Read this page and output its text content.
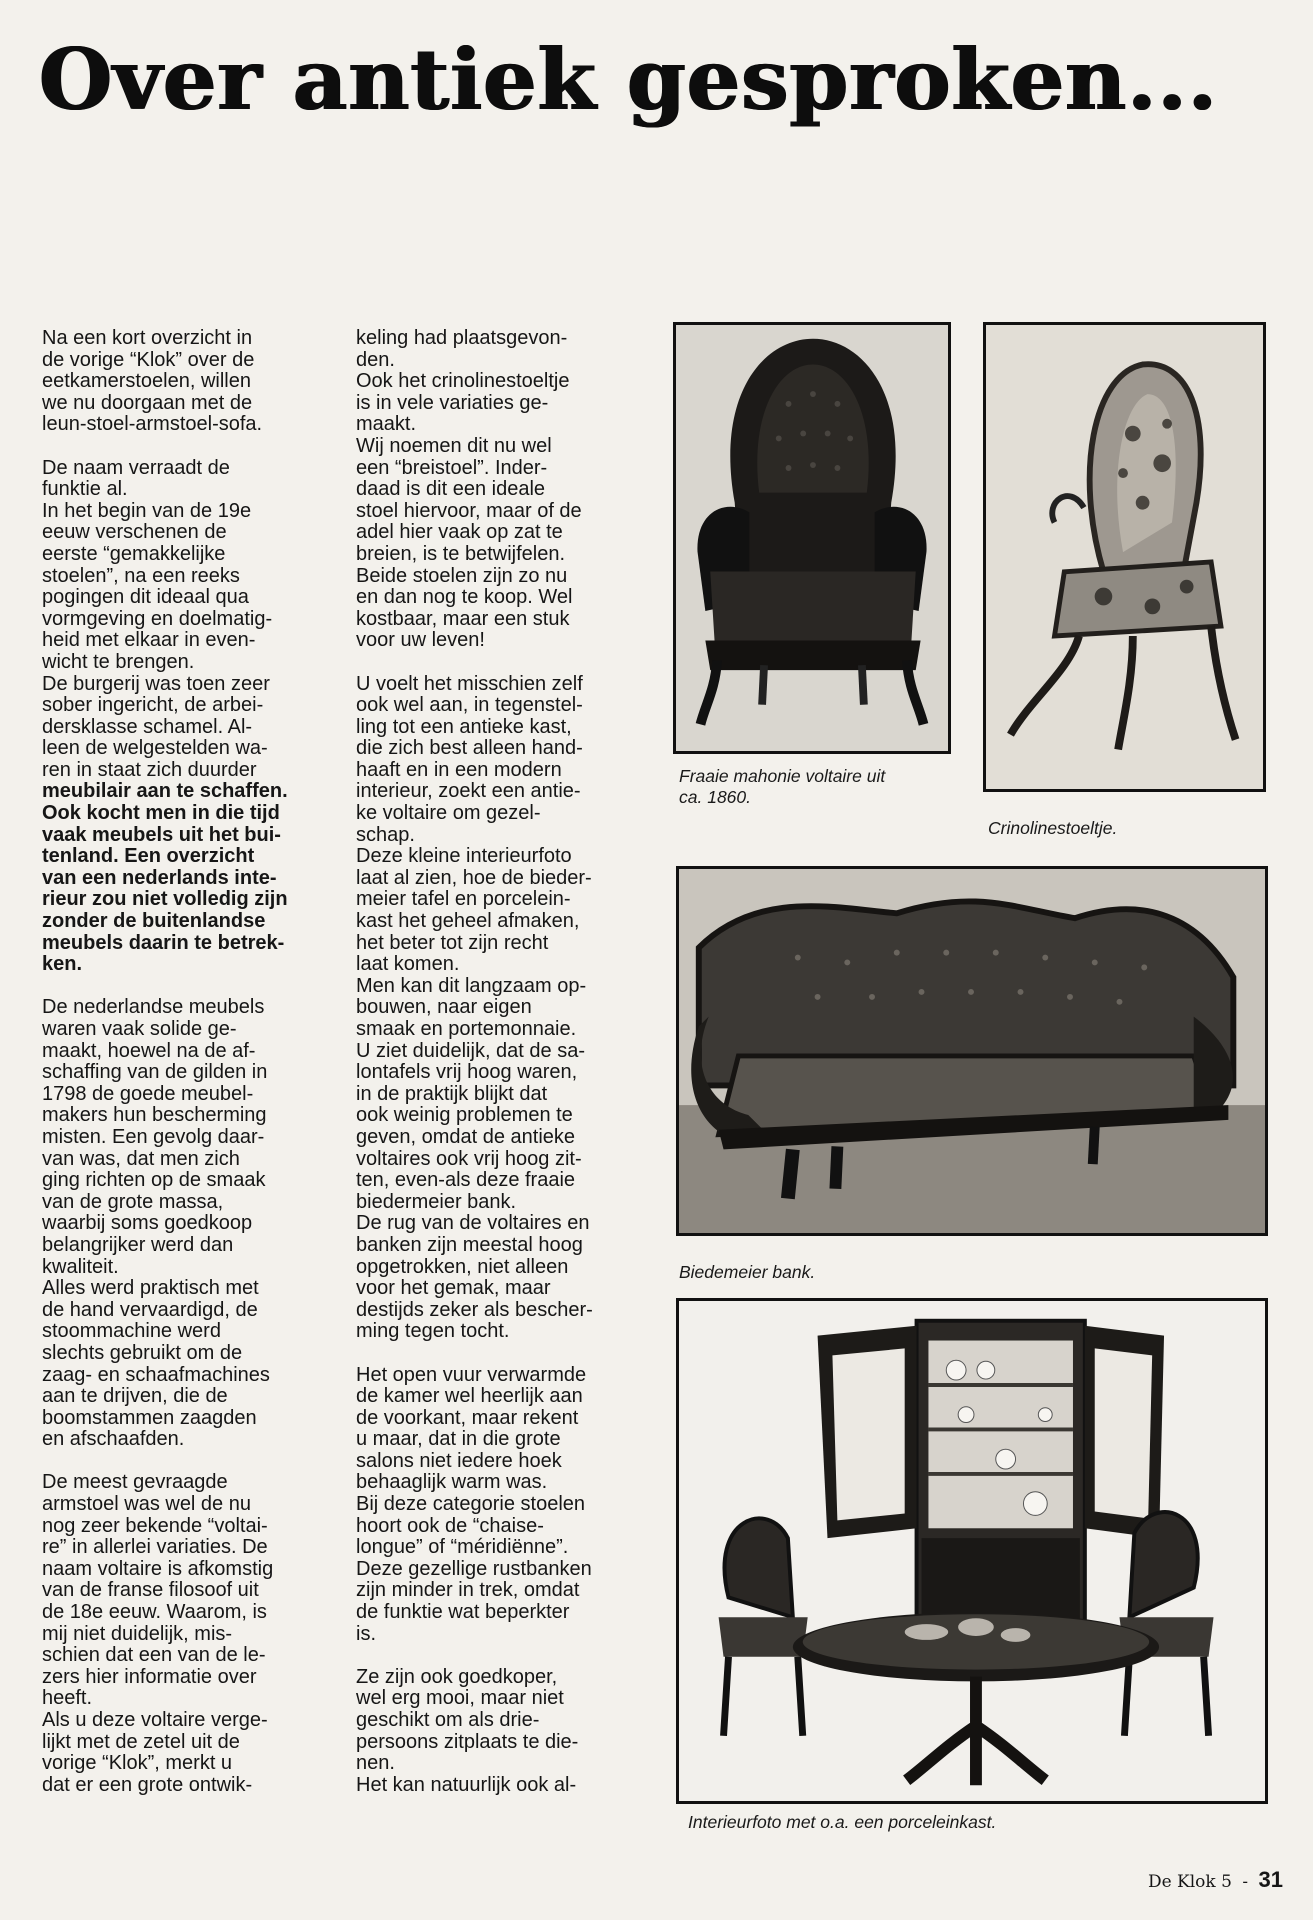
Over antiek gesproken...

Na een kort overzicht in
de vorige “Klok” over de
eetkamerstoelen, willen
we nu doorgaan met de
leun-stoel-armstoel-sofa.

De naam verraadt de
funktie al.
In het begin van de 19e
eeuw verschenen de
eerste “gemakkelijke
stoelen”, na een reeks
pogingen dit ideaal qua
vormgeving en doelmatig-
heid met elkaar in even-
wicht te brengen.
De burgerij was toen zeer
sober ingericht, de arbei-
dersklasse schamel. Al-
leen de welgestelden wa-
ren in staat zich duurder

meubilair aan te schaffen.
Ook kocht men in die tijd
vaak meubels uit het bui-
tenland. Een overzicht
van een nederlands inte-
rieur zou niet volledig zijn
zonder de buitenlandse
meubels daarin te betrek-
ken.

De nederlandse meubels
waren vaak solide ge-
maakt, hoewel na de af-
schaffing van de gilden in
1798 de goede meubel-
makers hun bescherming
misten. Een gevolg daar-
van was, dat men zich
ging richten op de smaak
van de grote massa,
waarbij soms goedkoop
belangrijker werd dan
kwaliteit.
Alles werd praktisch met
de hand vervaardigd, de
stoommachine werd
slechts gebruikt om de
zaag- en schaafmachines
aan te drijven, die de
boomstammen zaagden
en afschaafden.

De meest gevraagde
armstoel was wel de nu
nog zeer bekende “voltai-
re” in allerlei variaties. De
naam voltaire is afkomstig
van de franse filosoof uit
de 18e eeuw. Waarom, is
mij niet duidelijk, mis-
schien dat een van de le-
zers hier informatie over
heeft.
Als u deze voltaire verge-
lijkt met de zetel uit de
vorige “Klok”, merkt u
dat er een grote ontwik-

keling had plaatsgevon-
den.
Ook het crinolinestoeltje
is in vele variaties ge-
maakt.
Wij noemen dit nu wel
een “breistoel”. Inder-
daad is dit een ideale
stoel hiervoor, maar of de
adel hier vaak op zat te
breien, is te betwijfelen.
Beide stoelen zijn zo nu
en dan nog te koop. Wel
kostbaar, maar een stuk
voor uw leven!

U voelt het misschien zelf
ook wel aan, in tegenstel-
ling tot een antieke kast,
die zich best alleen hand-
haaft en in een modern
interieur, zoekt een antie-
ke voltaire om gezel-
schap.
Deze kleine interieurfoto
laat al zien, hoe de bieder-
meier tafel en porcelein-
kast het geheel afmaken,
het beter tot zijn recht
laat komen.
Men kan dit langzaam op-
bouwen, naar eigen
smaak en portemonnaie.
U ziet duidelijk, dat de sa-
lontafels vrij hoog waren,
in de praktijk blijkt dat
ook weinig problemen te
geven, omdat de antieke
voltaires ook vrij hoog zit-
ten, even-als deze fraaie
biedermeier bank.
De rug van de voltaires en
banken zijn meestal hoog
opgetrokken, niet alleen
voor het gemak, maar
destijds zeker als bescher-
ming tegen tocht.

Het open vuur verwarmde
de kamer wel heerlijk aan
de voorkant, maar rekent
u maar, dat in die grote
salons niet iedere hoek
behaaglijk warm was.
Bij deze categorie stoelen
hoort ook de “chaise-
longue” of “méridiënne”.
Deze gezellige rustbanken
zijn minder in trek, omdat
de funktie wat beperkter
is.

Ze zijn ook goedkoper,
wel erg mooi, maar niet
geschikt om als drie-
persoons zitplaats te die-
nen.
Het kan natuurlijk ook al-

Fraaie mahonie voltaire uit
ca. 1860.
Crinolinestoeltje.
Biedemeier bank.
Interieurfoto met o.a. een porceleinkast.
De Klok 5 - 31
